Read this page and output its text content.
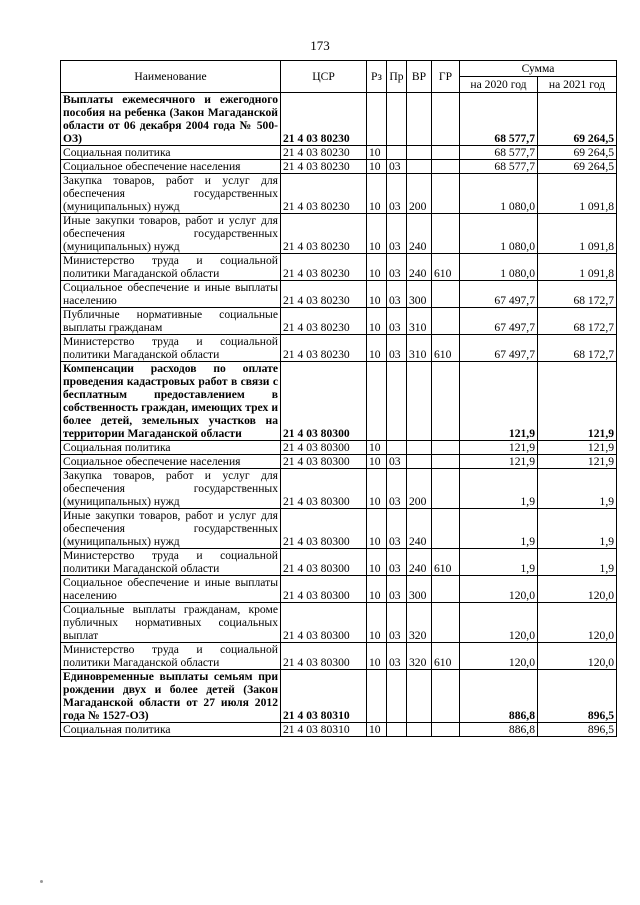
173
Наименование	ЦСР	Рз	Пр	ВР	ГР	Сумма	
						на 2020 год	на 2021 год
Выплаты ежемесячного и ежегодного пособия на ребенка (Закон Магаданской области от 06 декабря 2004 года № 500-ОЗ)	21 4 03 80230					68 577,7	69 264,5
Социальная политика	21 4 03 80230	10				68 577,7	69 264,5
Социальное обеспечение населения	21 4 03 80230	10	03			68 577,7	69 264,5
Закупка товаров, работ и услуг для обеспечения государственных (муниципальных) нужд	21 4 03 80230	10	03	200		1 080,0	1 091,8
Иные закупки товаров, работ и услуг для обеспечения государственных (муниципальных) нужд	21 4 03 80230	10	03	240		1 080,0	1 091,8
Министерство труда и социальной политики Магаданской области	21 4 03 80230	10	03	240	610	1 080,0	1 091,8
Социальное обеспечение и иные выплаты населению	21 4 03 80230	10	03	300		67 497,7	68 172,7
Публичные нормативные социальные выплаты гражданам	21 4 03 80230	10	03	310		67 497,7	68 172,7
Министерство труда и социальной политики Магаданской области	21 4 03 80230	10	03	310	610	67 497,7	68 172,7
Компенсации расходов по оплате проведения кадастровых работ в связи с бесплатным предоставлением в собственность граждан, имеющих трех и более детей, земельных участков на территории Магаданской области	21 4 03 80300					121,9	121,9
Социальная политика	21 4 03 80300	10				121,9	121,9
Социальное обеспечение населения	21 4 03 80300	10	03			121,9	121,9
Закупка товаров, работ и услуг для обеспечения государственных (муниципальных) нужд	21 4 03 80300	10	03	200		1,9	1,9
Иные закупки товаров, работ и услуг для обеспечения государственных (муниципальных) нужд	21 4 03 80300	10	03	240		1,9	1,9
Министерство труда и социальной политики Магаданской области	21 4 03 80300	10	03	240	610	1,9	1,9
Социальное обеспечение и иные выплаты населению	21 4 03 80300	10	03	300		120,0	120,0
Социальные выплаты гражданам, кроме публичных нормативных социальных выплат	21 4 03 80300	10	03	320		120,0	120,0
Министерство труда и социальной политики Магаданской области	21 4 03 80300	10	03	320	610	120,0	120,0
Единовременные выплаты семьям при рождении двух и более детей (Закон Магаданской области от 27 июля 2012 года № 1527-ОЗ)	21 4 03 80310					886,8	896,5
Социальная политика	21 4 03 80310	10				886,8	896,5
